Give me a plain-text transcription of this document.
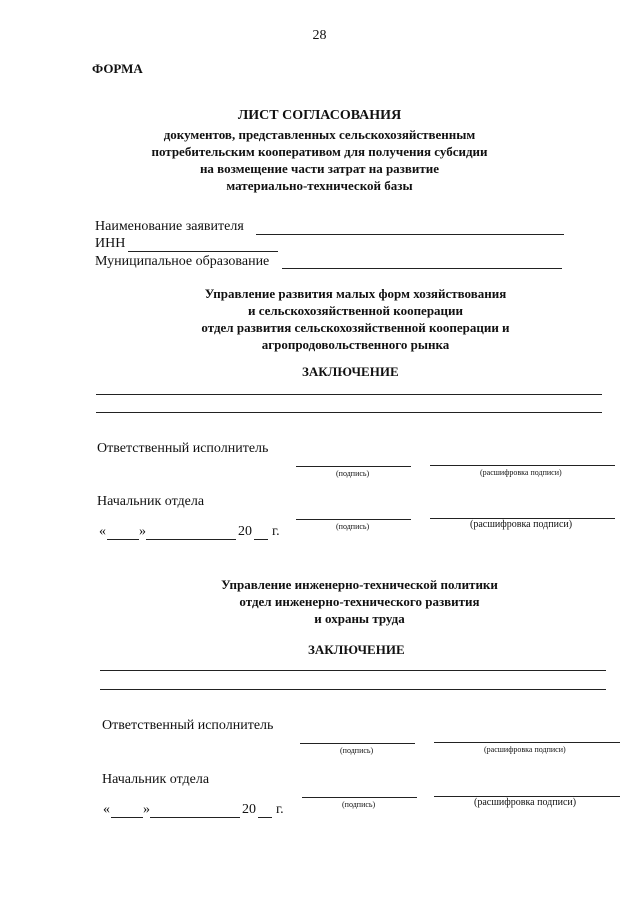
28
ФОРМА
ЛИСТ СОГЛАСОВАНИЯ
документов, представленных сельскохозяйственным
потребительским кооперативом для получения субсидии
на возмещение части затрат на развитие
материально-технической базы
Наименование заявителя
ИНН
Муниципальное образование
Управление развития малых форм хозяйствования
и сельскохозяйственной кооперации
отдел развития сельскохозяйственной кооперации и
агропродовольственного рынка
ЗАКЛЮЧЕНИЕ
Ответственный исполнитель
(подпись)	(расшифровка подписи)
Начальник отдела
(подпись)	(расшифровка подписи)
« »	20 г.
Управление инженерно-технической политики
отдел инженерно-технического развития
и охраны труда
ЗАКЛЮЧЕНИЕ
Ответственный исполнитель
(подпись)	(расшифровка подписи)
Начальник отдела
(подпись)	(расшифровка подписи)
« »	20 г.
